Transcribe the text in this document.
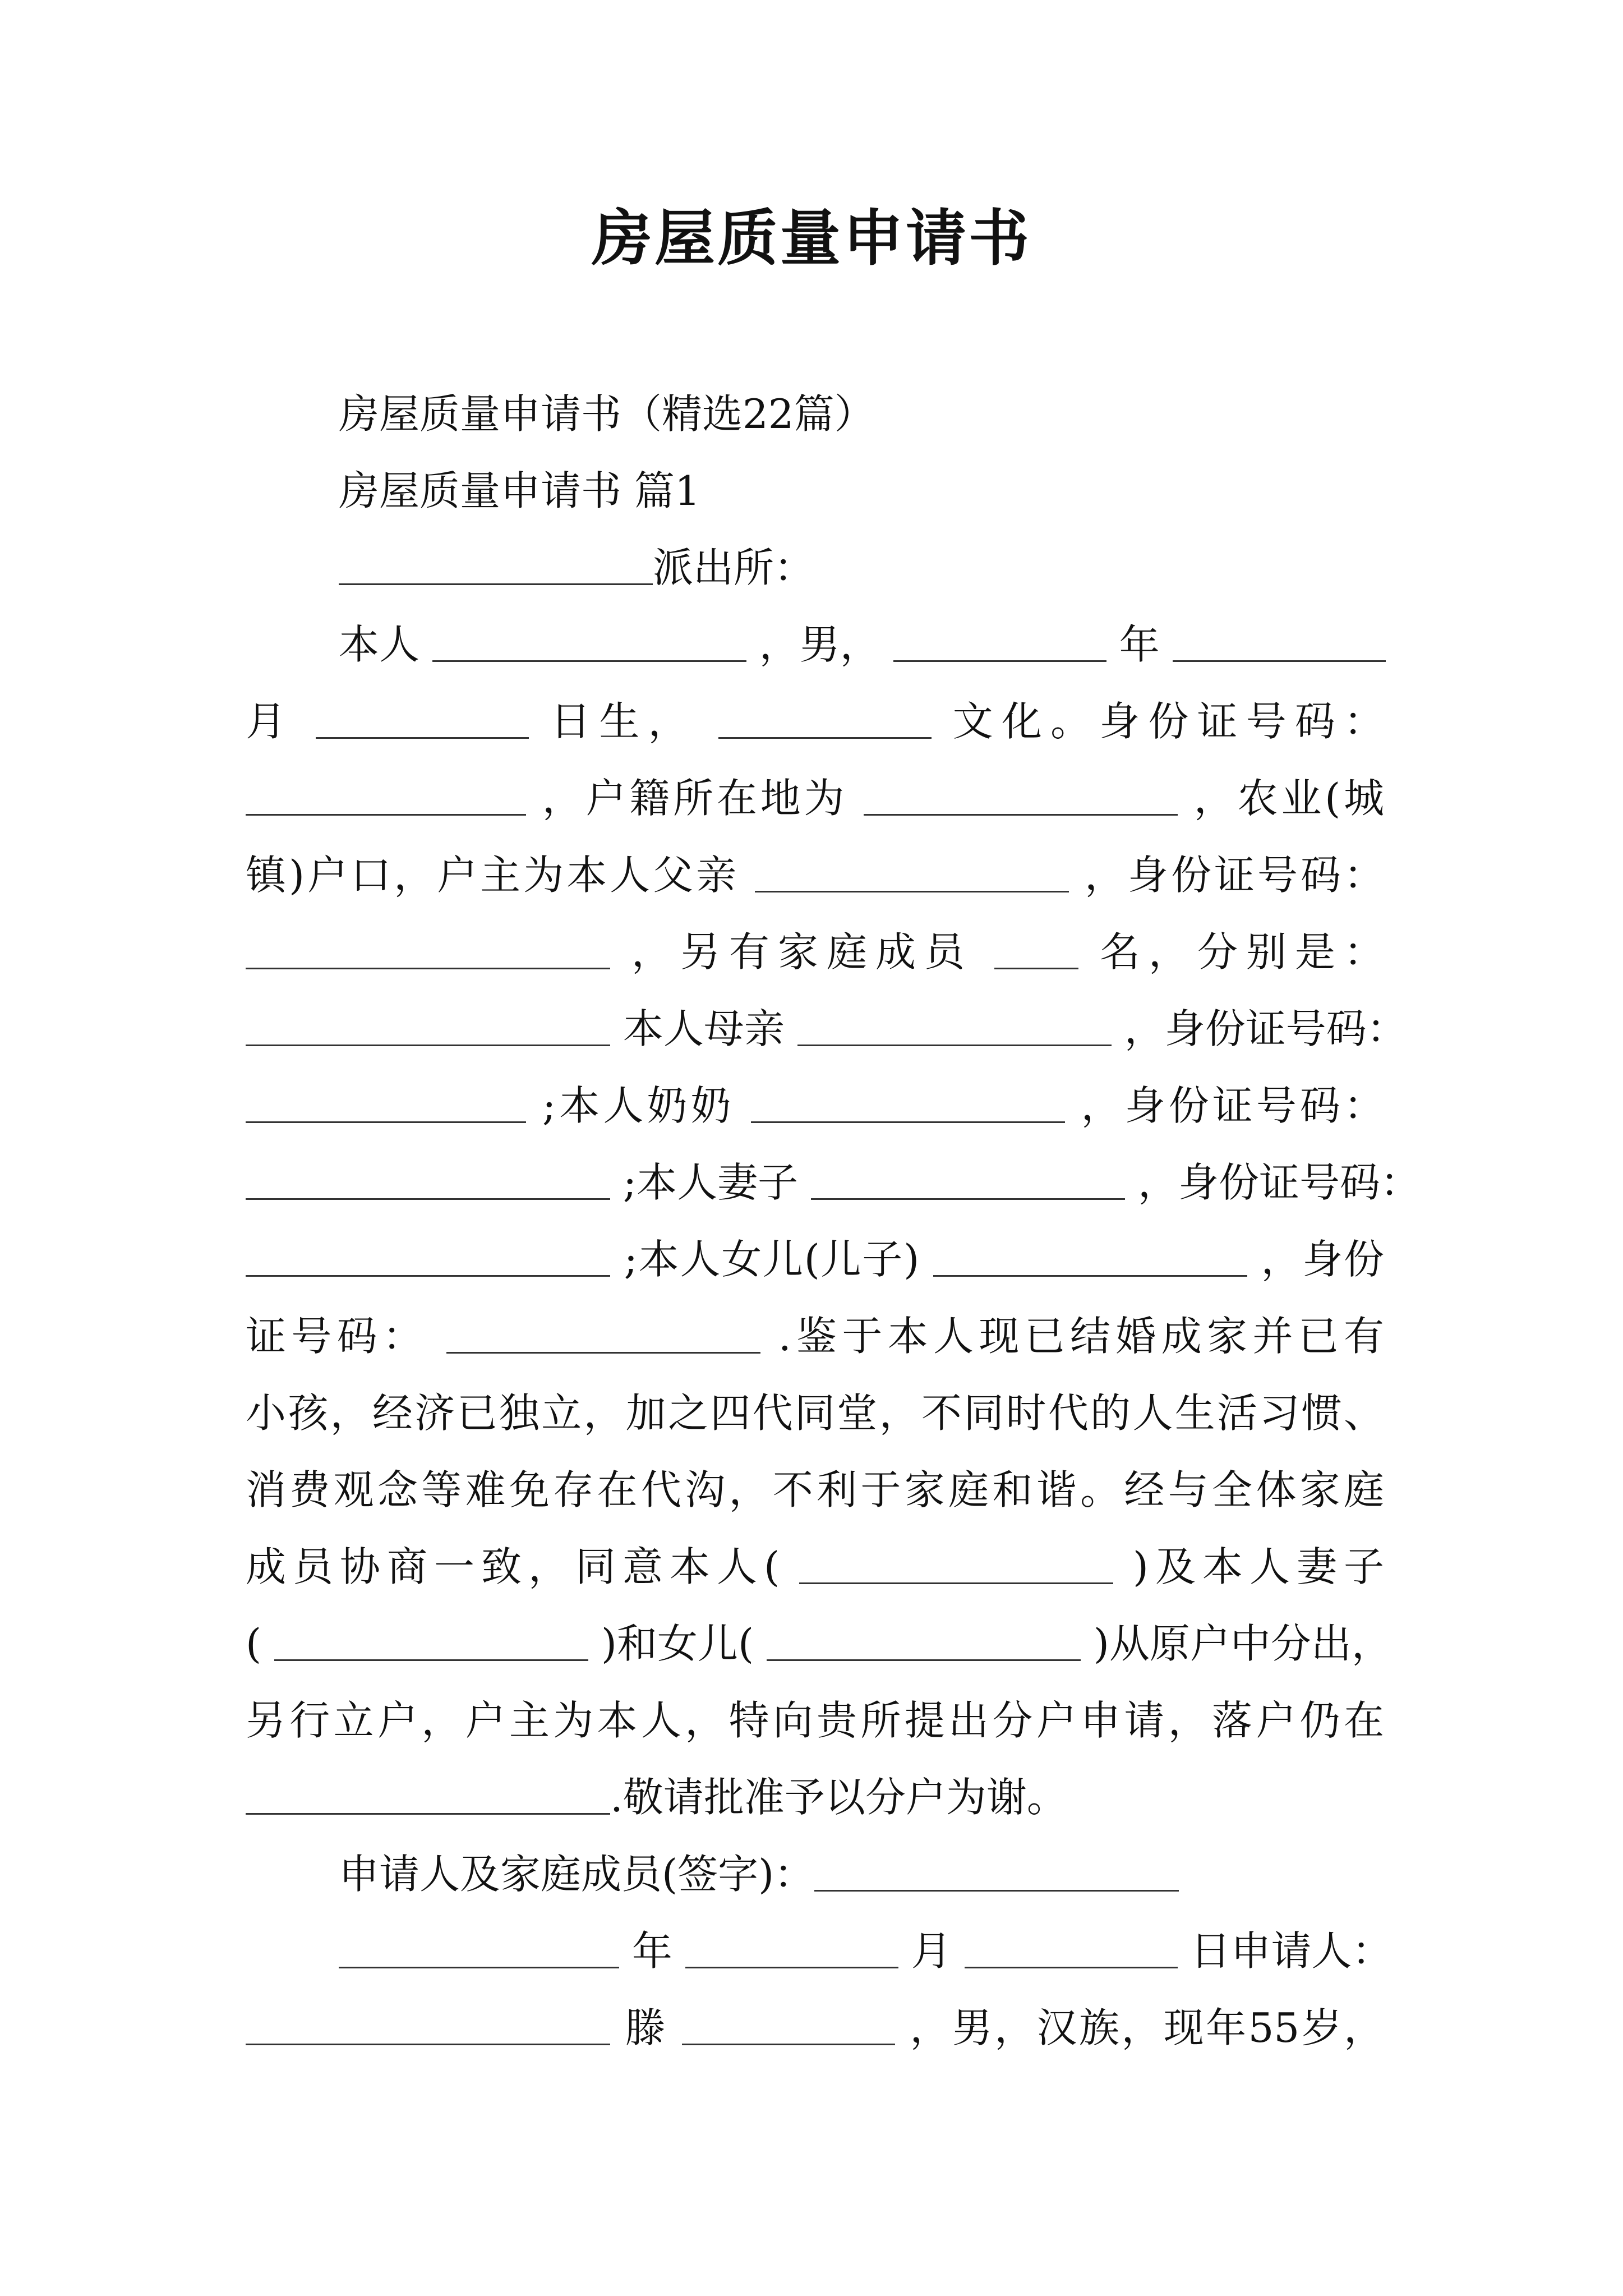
房屋质量申请书
房屋质量申请书（精选22篇）
房屋质量申请书 篇1
派出所：
本人	，男，	年
月	日生，	文化。身份证号码：
，户籍所在地为	，农业(城
镇)户口，户主为本人父亲	，身份证号码：
，另有家庭成员	名，分别是：
本人母亲	，身份证号码：
;本人奶奶	，身份证号码：
;本人妻子	，身份证号码：
;本人女儿(儿子)	，身份
证号码：	.鉴于本人现已结婚成家并已有
小孩，经济已独立，加之四代同堂，不同时代的人生活习惯、
消费观念等难免存在代沟，不利于家庭和谐。经与全体家庭
成员协商一致，同意本人(	)及本人妻子
(	)和女儿(	)从原户中分出，
另行立户，户主为本人，特向贵所提出分户申请，落户仍在
.敬请批准予以分户为谢。
申请人及家庭成员(签字)：
年	月	日申请人：
滕	，男，汉族，现年55岁，
